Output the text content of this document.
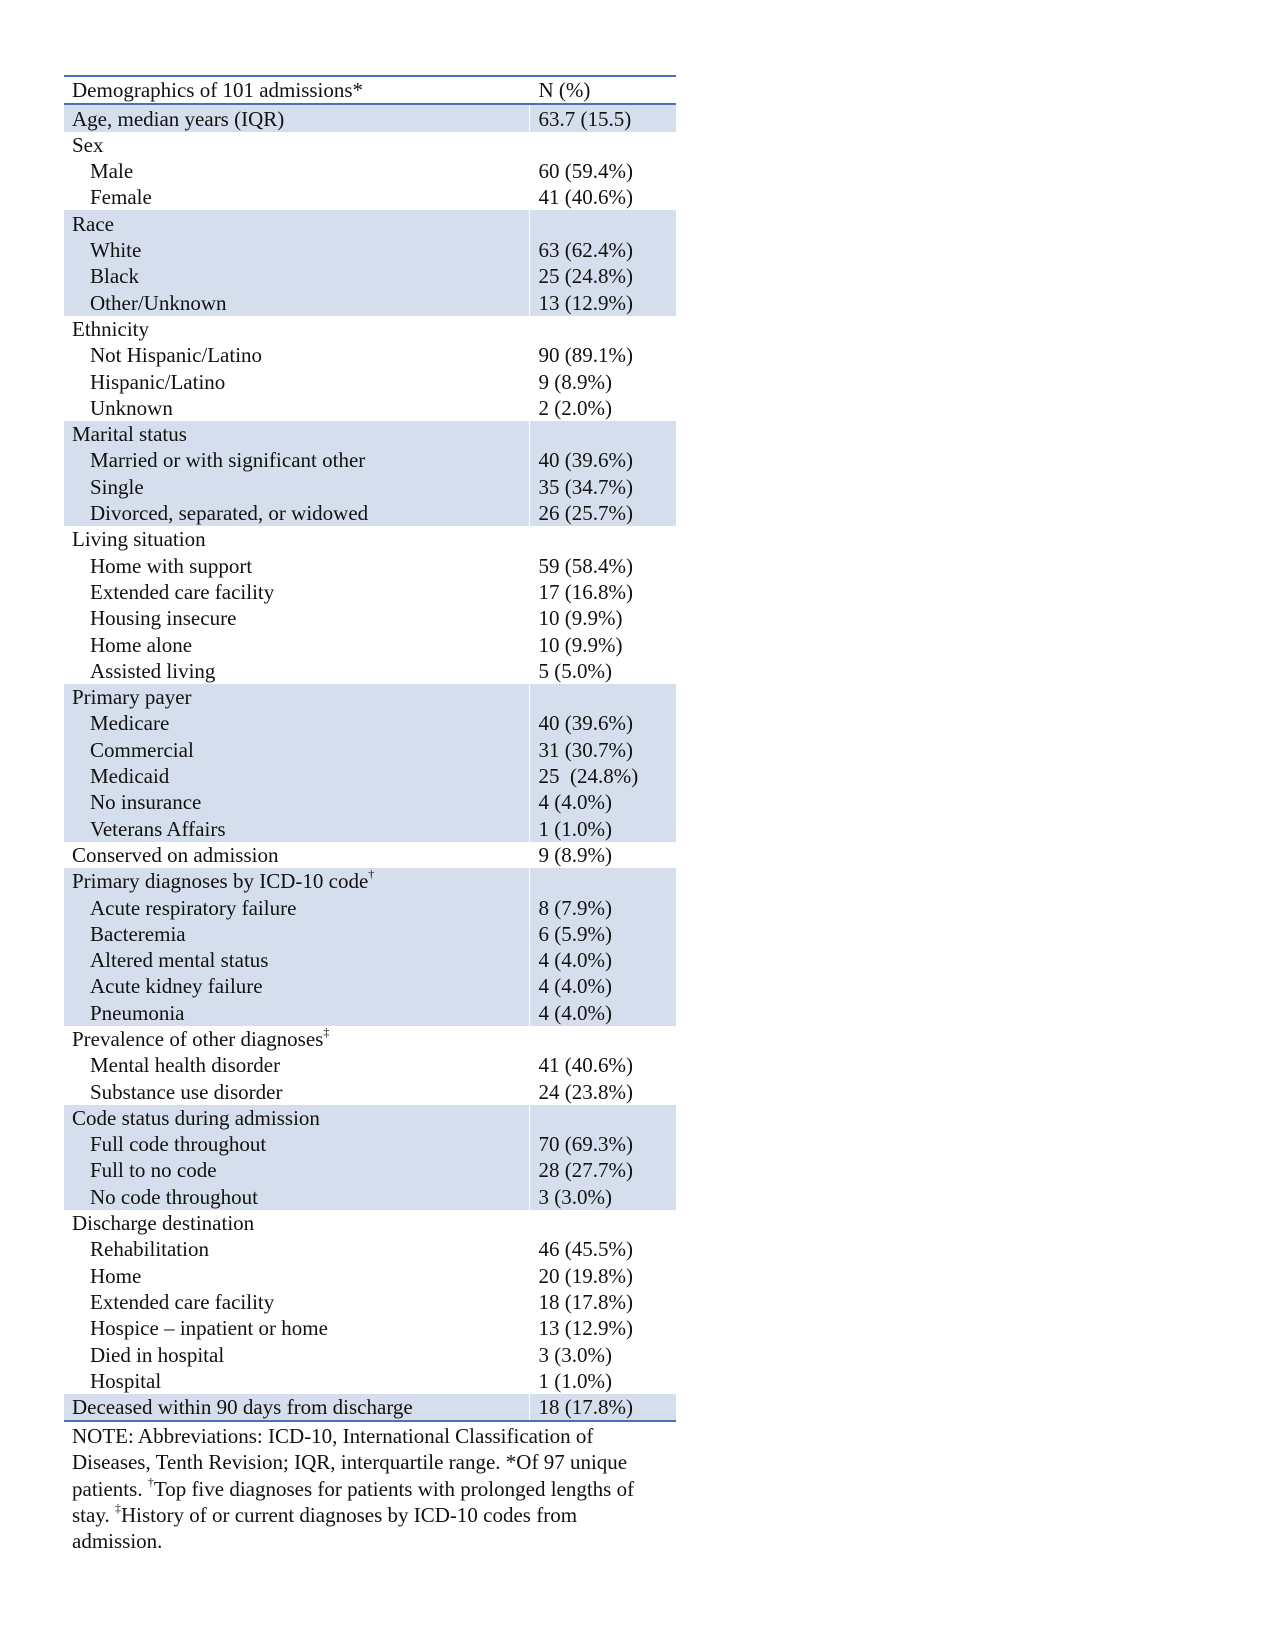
Demographics of 101 admissions*	N (%)
Age, median years (IQR)	63.7 (15.5)
Sex	
Male	60 (59.4%)
Female	41 (40.6%)
Race	
White	63 (62.4%)
Black	25 (24.8%)
Other/Unknown	13 (12.9%)
Ethnicity	
Not Hispanic/Latino	90 (89.1%)
Hispanic/Latino	9 (8.9%)
Unknown	2 (2.0%)
Marital status	
Married or with significant other	40 (39.6%)
Single	35 (34.7%)
Divorced, separated, or widowed	26 (25.7%)
Living situation	
Home with support	59 (58.4%)
Extended care facility	17 (16.8%)
Housing insecure	10 (9.9%)
Home alone	10 (9.9%)
Assisted living	5 (5.0%)
Primary payer	
Medicare	40 (39.6%)
Commercial	31 (30.7%)
Medicaid	25  (24.8%)
No insurance	4 (4.0%)
Veterans Affairs	1 (1.0%)
Conserved on admission	9 (8.9%)
Primary diagnoses by ICD-10 code†	
Acute respiratory failure	8 (7.9%)
Bacteremia	6 (5.9%)
Altered mental status	4 (4.0%)
Acute kidney failure	4 (4.0%)
Pneumonia	4 (4.0%)
Prevalence of other diagnoses‡	
Mental health disorder	41 (40.6%)
Substance use disorder	24 (23.8%)
Code status during admission	
Full code throughout	70 (69.3%)
Full to no code	28 (27.7%)
No code throughout	3 (3.0%)
Discharge destination	
Rehabilitation	46 (45.5%)
Home	20 (19.8%)
Extended care facility	18 (17.8%)
Hospice – inpatient or home	13 (12.9%)
Died in hospital	3 (3.0%)
Hospital	1 (1.0%)
Deceased within 90 days from discharge	18 (17.8%)
NOTE: Abbreviations: ICD-10, International Classification of Diseases, Tenth Revision; IQR, interquartile range. *Of 97 unique patients. †Top five diagnoses for patients with prolonged lengths of stay. ‡History of or current diagnoses by ICD-10 codes from admission.
